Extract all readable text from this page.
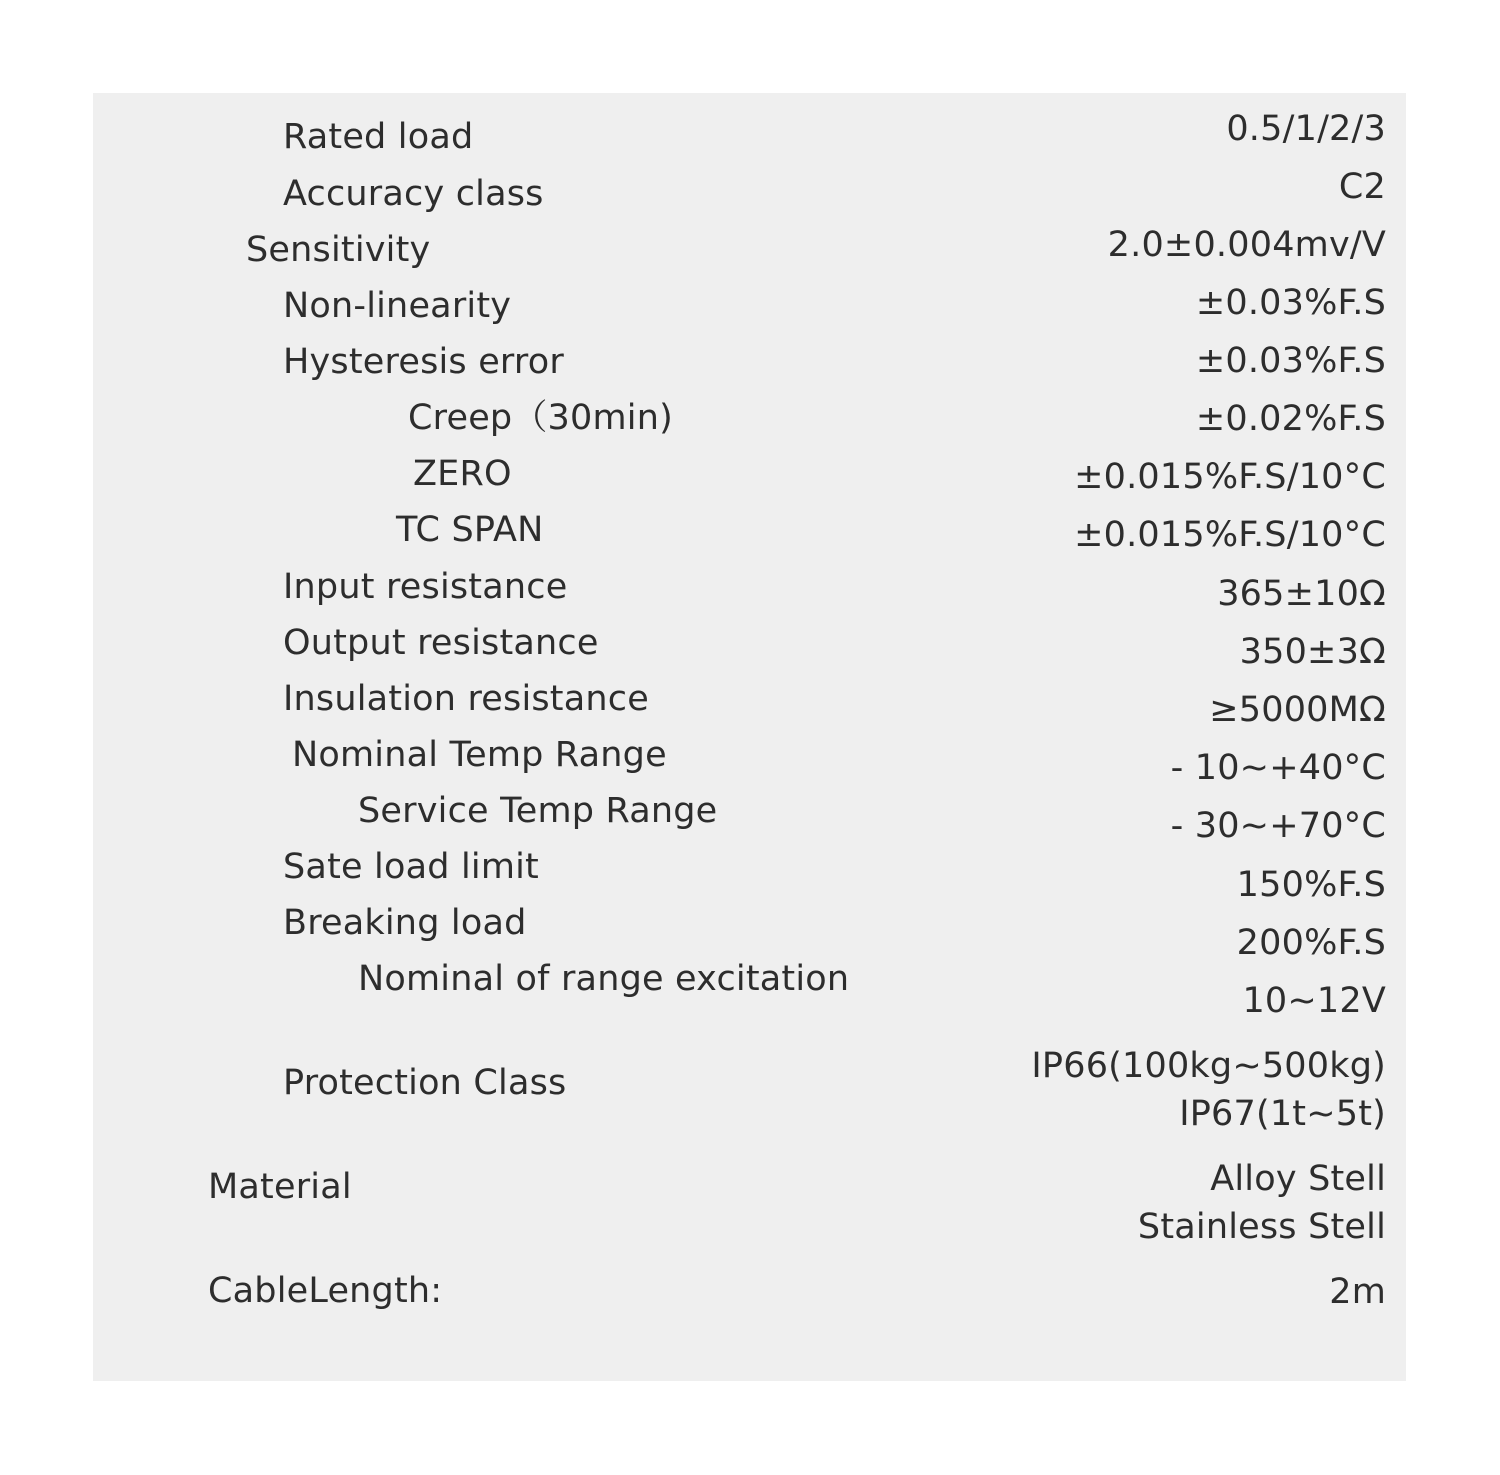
Rated load
Accuracy class
Sensitivity
Non-linearity
Hysteresis error
Creep（30min)
ZERO
TC SPAN
Input resistance
Output resistance
Insulation resistance
Nominal Temp Range
Service Temp Range
Sate load limit
Breaking load
Nominal of range excitation
Protection Class
Material
CableLength:
0.5/1/2/3
C2
2.0±0.004mv/V
±0.03%F.S
±0.03%F.S
±0.02%F.S
±0.015%F.S/10°C
±0.015%F.S/10°C
365±10Ω
350±3Ω
≥5000MΩ
- 10~+40°C
- 30~+70°C
150%F.S
200%F.S
10~12V
IP66(100kg~500kg)
IP67(1t~5t)
Alloy Stell
Stainless Stell
2m
